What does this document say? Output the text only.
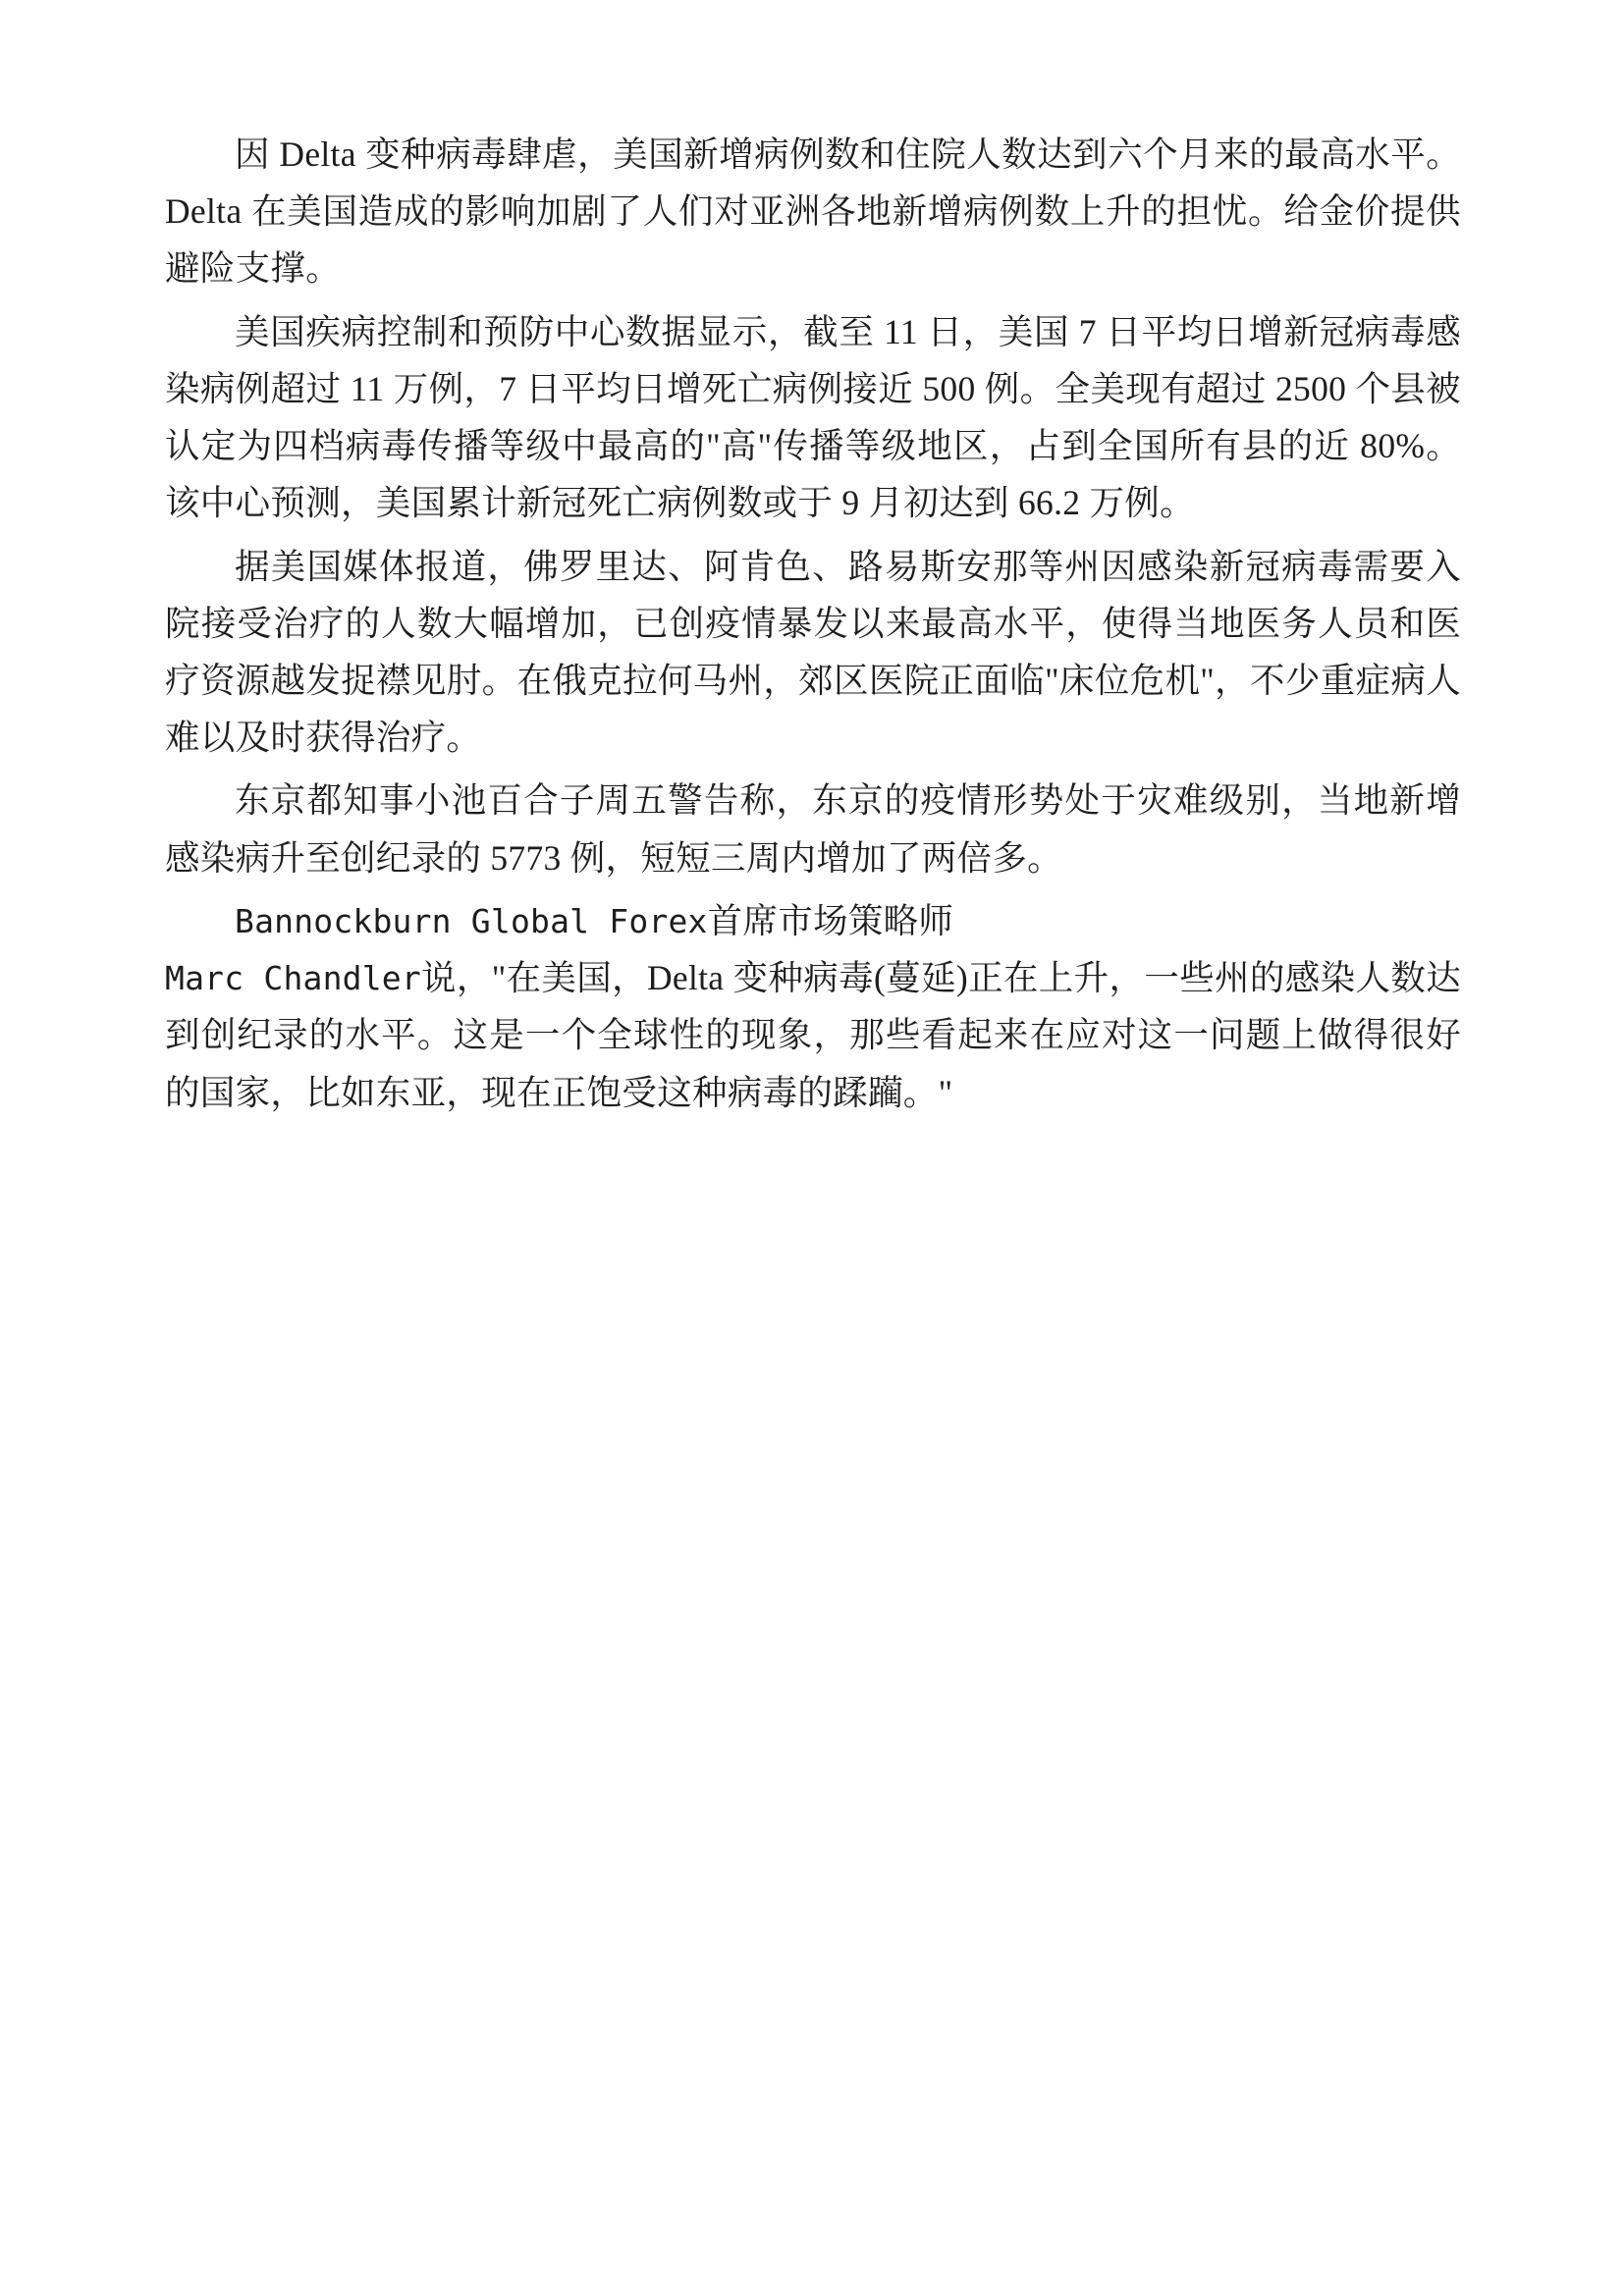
因 Delta 变种病毒肆虐，美国新增病例数和住院人数达到六个月来的最高水平。Delta 在美国造成的影响加剧了人们对亚洲各地新增病例数上升的担忧。给金价提供避险支撑。

美国疾病控制和预防中心数据显示，截至 11 日，美国 7 日平均日增新冠病毒感染病例超过 11 万例，7 日平均日增死亡病例接近 500 例。全美现有超过 2500 个县被认定为四档病毒传播等级中最高的"高"传播等级地区，占到全国所有县的近 80%。该中心预测，美国累计新冠死亡病例数或于 9 月初达到 66.2 万例。

据美国媒体报道，佛罗里达、阿肯色、路易斯安那等州因感染新冠病毒需要入院接受治疗的人数大幅增加，已创疫情暴发以来最高水平，使得当地医务人员和医疗资源越发捉襟见肘。在俄克拉何马州，郊区医院正面临"床位危机"，不少重症病人难以及时获得治疗。

东京都知事小池百合子周五警告称，东京的疫情形势处于灾难级别，当地新增感染病升至创纪录的 5773 例，短短三周内增加了两倍多。

Bannockburn Global Forex首席市场策略师
Marc Chandler说，"在美国，Delta 变种病毒(蔓延)正在上升，一些州的感染人数达到创纪录的水平。这是一个全球性的现象，那些看起来在应对这一问题上做得很好的国家，比如东亚，现在正饱受这种病毒的蹂躏。"
